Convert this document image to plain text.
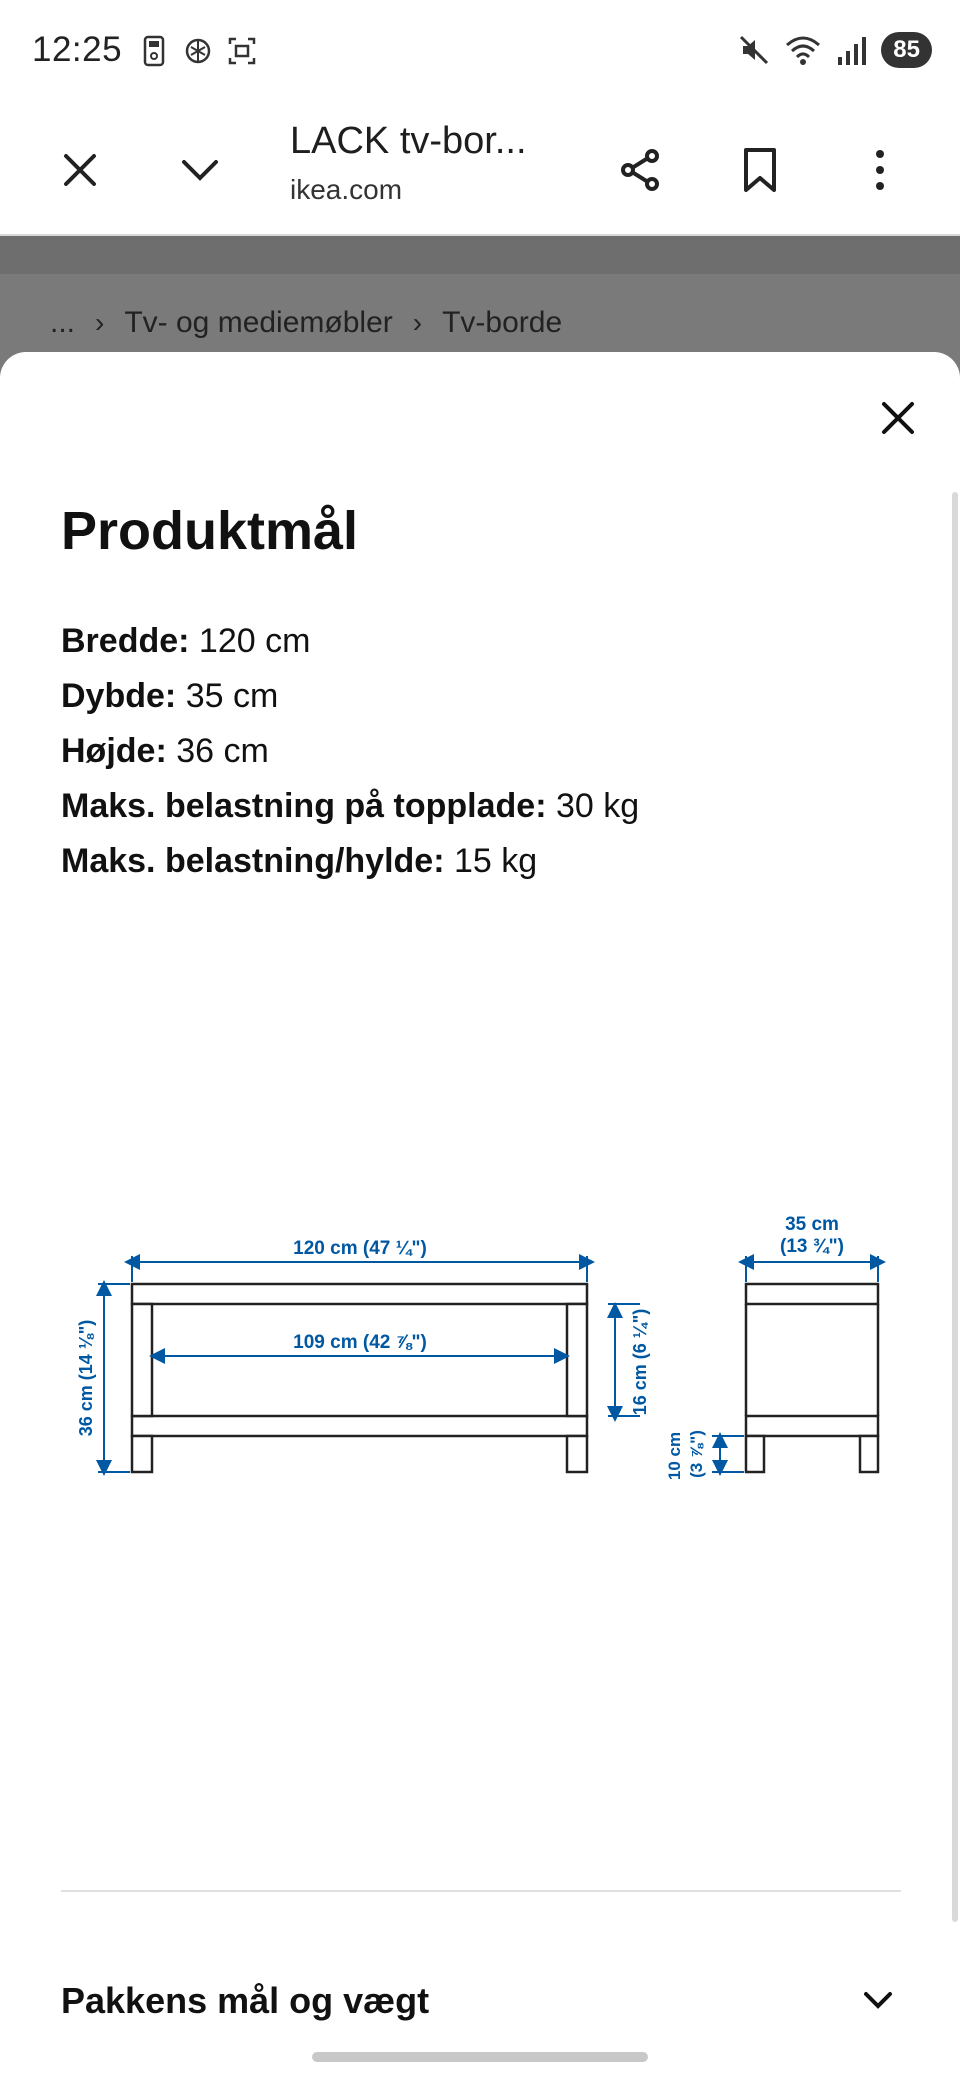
12:25	85
LACK tv-bor...
ikea.com
... › Tv- og mediemøbler › Tv-borde
Produktmål
Bredde: 120 cm
Dybde: 35 cm
Højde: 36 cm
Maks. belastning på topplade: 30 kg
Maks. belastning/hylde: 15 kg
120 cm (47 ¼")
109 cm (42 ⅞")
36 cm (14 ⅛")	16 cm (6 ¼")
35 cm
(13 ¾")
10 cm (3 ⅞")
Pakkens mål og vægt
